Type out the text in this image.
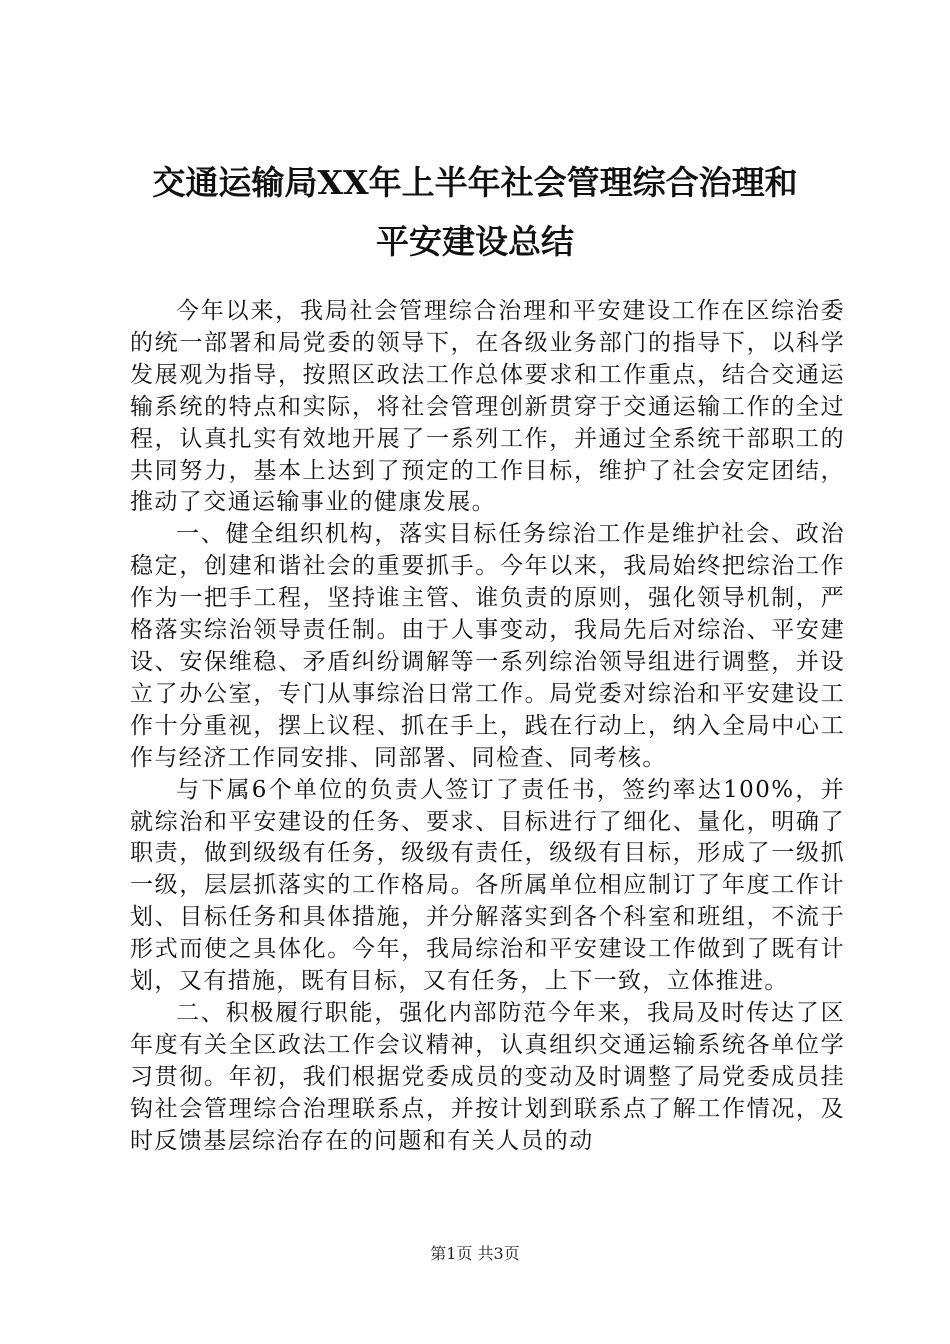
交通运输局XX年上半年社会管理综合治理和
平安建设总结

今年以来，我局社会管理综合治理和平安建设工作在区综治委的统一部署和局党委的领导下，在各级业务部门的指导下，以科学发展观为指导，按照区政法工作总体要求和工作重点，结合交通运输系统的特点和实际，将社会管理创新贯穿于交通运输工作的全过程，认真扎实有效地开展了一系列工作，并通过全系统干部职工的共同努力，基本上达到了预定的工作目标，维护了社会安定团结，推动了交通运输事业的健康发展。

一、健全组织机构，落实目标任务综治工作是维护社会、政治稳定，创建和谐社会的重要抓手。今年以来，我局始终把综治工作作为一把手工程，坚持谁主管、谁负责的原则，强化领导机制，严格落实综治领导责任制。由于人事变动，我局先后对综治、平安建设、安保维稳、矛盾纠纷调解等一系列综治领导组进行调整，并设立了办公室，专门从事综治日常工作。局党委对综治和平安建设工作十分重视，摆上议程、抓在手上，践在行动上，纳入全局中心工作与经济工作同安排、同部署、同检查、同考核。

与下属6个单位的负责人签订了责任书，签约率达100%，并就综治和平安建设的任务、要求、目标进行了细化、量化，明确了职责，做到级级有任务，级级有责任，级级有目标，形成了一级抓一级，层层抓落实的工作格局。各所属单位相应制订了年度工作计划、目标任务和具体措施，并分解落实到各个科室和班组，不流于形式而使之具体化。今年，我局综治和平安建设工作做到了既有计划，又有措施，既有目标，又有任务，上下一致，立体推进。

二、积极履行职能，强化内部防范今年来，我局及时传达了区年度有关全区政法工作会议精神，认真组织交通运输系统各单位学习贯彻。年初，我们根据党委成员的变动及时调整了局党委成员挂钩社会管理综合治理联系点，并按计划到联系点了解工作情况，及时反馈基层综治存在的问题和有关人员的动

第1页 共3页
